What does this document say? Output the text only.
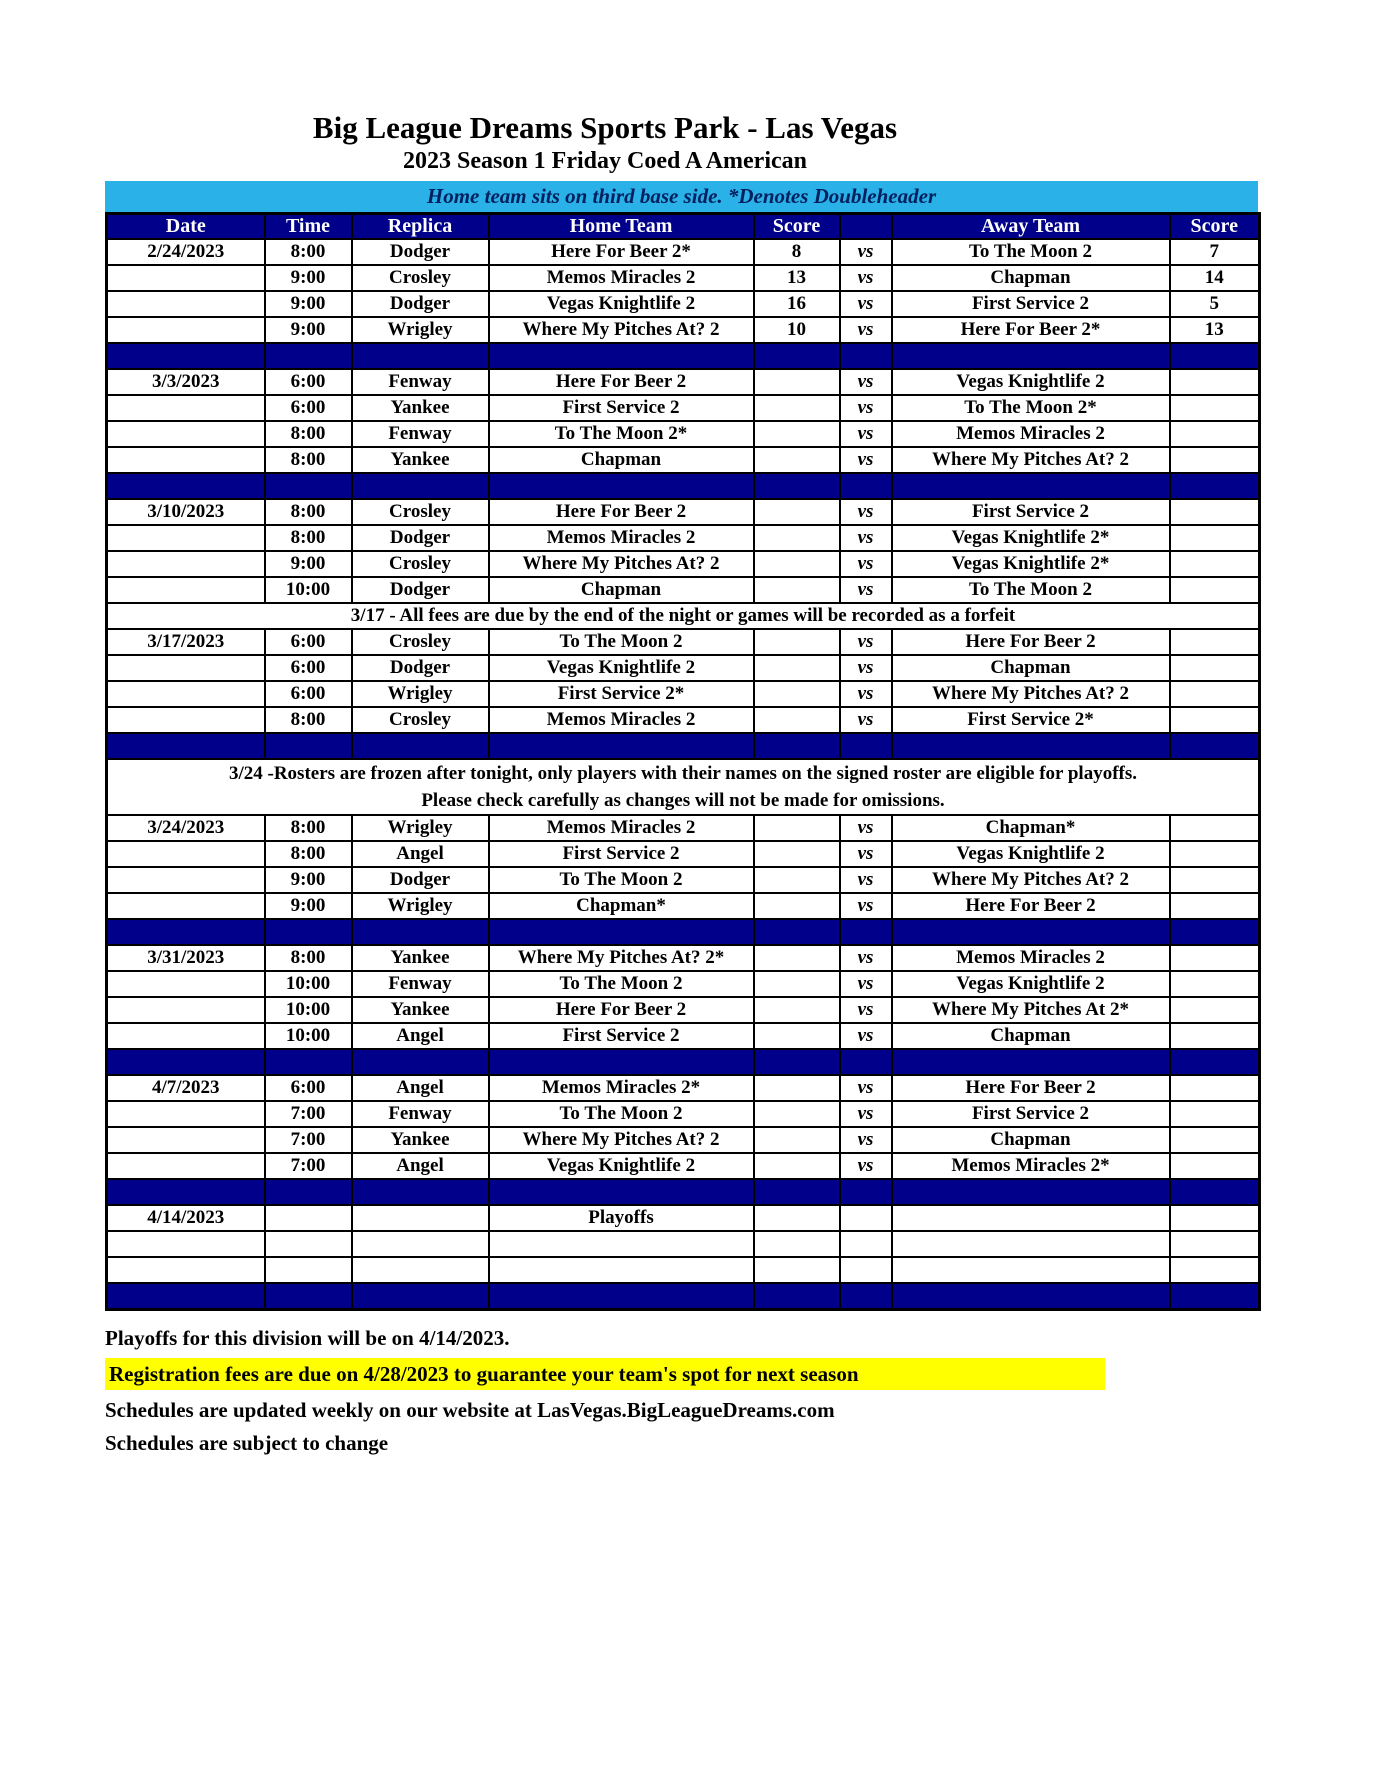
Big League Dreams Sports Park - Las Vegas
2023 Season 1 Friday Coed A American
Home team sits on third base side. *Denotes Doubleheader
Date	Time	Replica	Home Team	Score		Away Team	Score
2/24/2023	8:00	Dodger	Here For Beer 2*	8	vs	To The Moon 2	7
	9:00	Crosley	Memos Miracles 2	13	vs	Chapman	14
	9:00	Dodger	Vegas Knightlife 2	16	vs	First Service 2	5
	9:00	Wrigley	Where My Pitches At? 2	10	vs	Here For Beer 2*	13

3/3/2023	6:00	Fenway	Here For Beer 2		vs	Vegas Knightlife 2	
	6:00	Yankee	First Service 2		vs	To The Moon 2*	
	8:00	Fenway	To The Moon 2*		vs	Memos Miracles 2	
	8:00	Yankee	Chapman		vs	Where My Pitches At? 2	

3/10/2023	8:00	Crosley	Here For Beer 2		vs	First Service 2	
	8:00	Dodger	Memos Miracles 2		vs	Vegas Knightlife 2*	
	9:00	Crosley	Where My Pitches At? 2		vs	Vegas Knightlife 2*	
	10:00	Dodger	Chapman		vs	To The Moon 2	
3/17 - All fees are due by the end of the night or games will be recorded as a forfeit							
3/17/2023	6:00	Crosley	To The Moon 2		vs	Here For Beer 2	
	6:00	Dodger	Vegas Knightlife 2		vs	Chapman	
	6:00	Wrigley	First Service 2*		vs	Where My Pitches At? 2	
	8:00	Crosley	Memos Miracles 2		vs	First Service 2*	

3/24 -Rosters are frozen after tonight, only players with their names on the signed roster are eligible for playoffs.
Please check carefully as changes will not be made for omissions.							

3/24/2023	8:00	Wrigley	Memos Miracles 2		vs	Chapman*	
	8:00	Angel	First Service 2		vs	Vegas Knightlife 2	
	9:00	Dodger	To The Moon 2		vs	Where My Pitches At? 2	
	9:00	Wrigley	Chapman*		vs	Here For Beer 2	

3/31/2023	8:00	Yankee	Where My Pitches At? 2*		vs	Memos Miracles 2	
	10:00	Fenway	To The Moon 2		vs	Vegas Knightlife 2	
	10:00	Yankee	Here For Beer 2		vs	Where My Pitches At 2*	
	10:00	Angel	First Service 2		vs	Chapman	

4/7/2023	6:00	Angel	Memos Miracles 2*		vs	Here For Beer 2	
	7:00	Fenway	To The Moon 2		vs	First Service 2	
	7:00	Yankee	Where My Pitches At? 2		vs	Chapman	
	7:00	Angel	Vegas Knightlife 2		vs	Memos Miracles 2*	

4/14/2023			Playoffs				

Playoffs for this division will be on 4/14/2023.
Registration fees are due on 4/28/2023 to guarantee your team's spot for next season
Schedules are updated weekly on our website at LasVegas.BigLeagueDreams.com
Schedules are subject to change
